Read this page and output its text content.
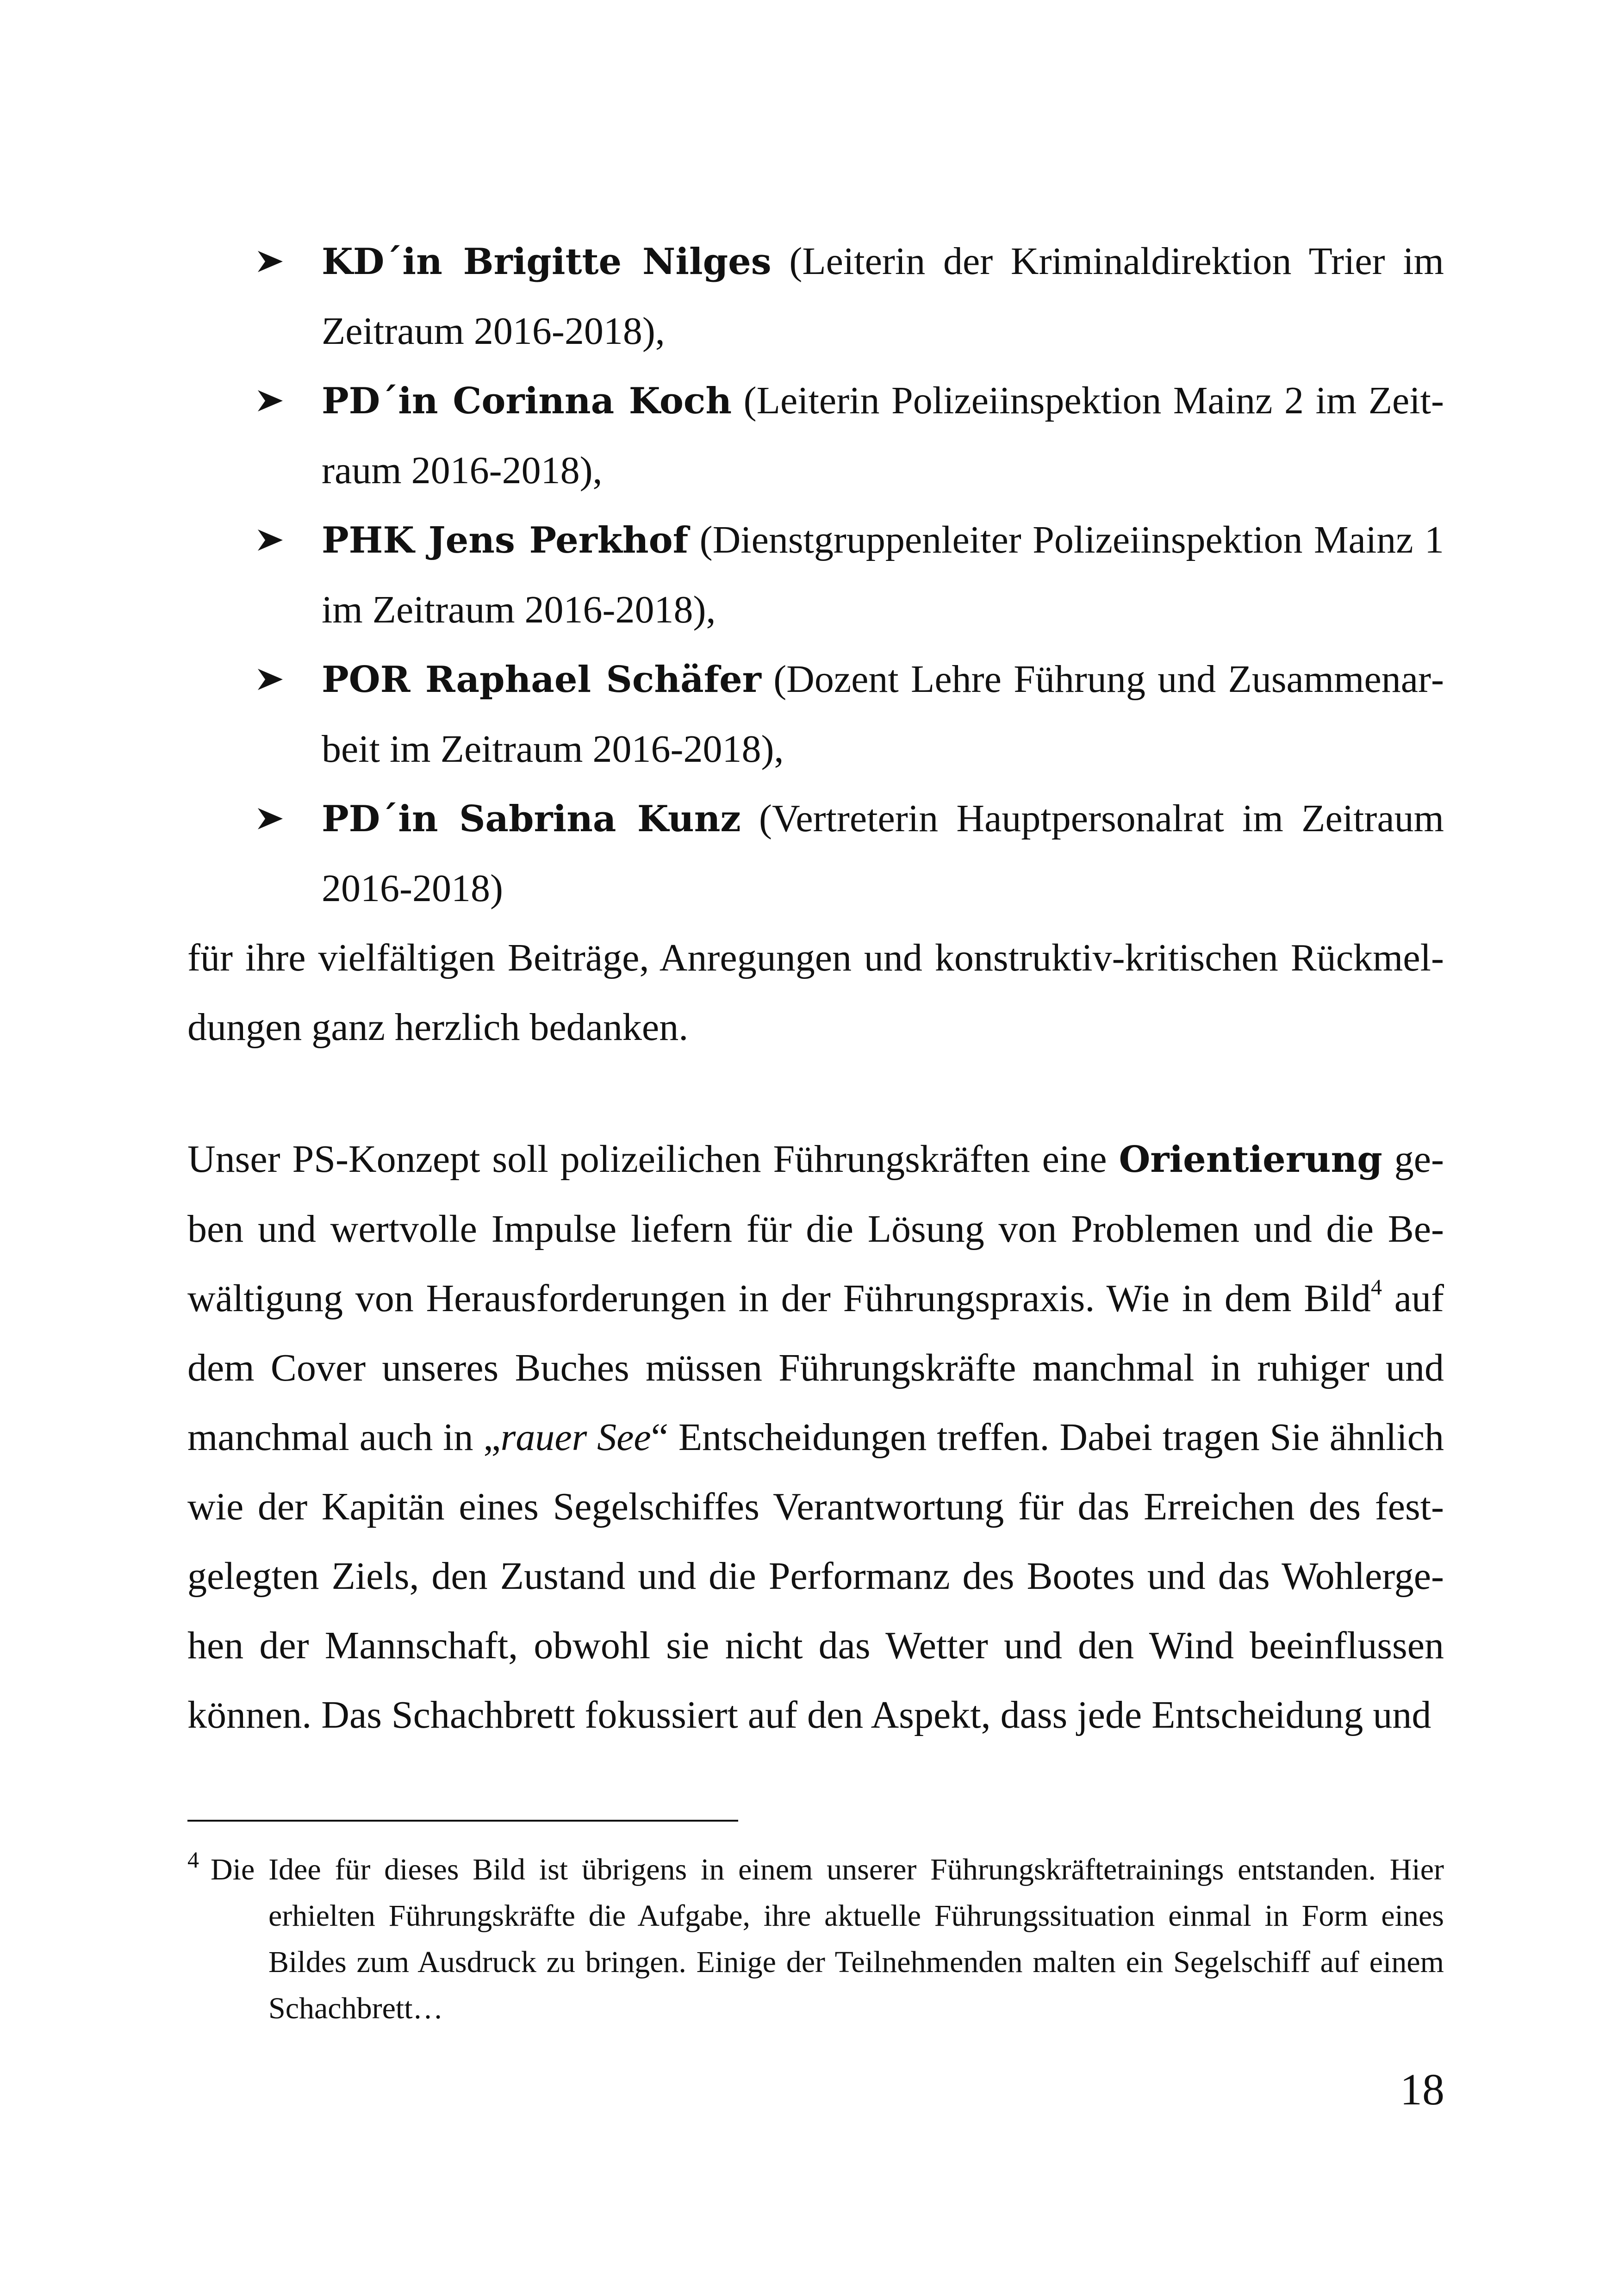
KD´in Brigitte Nilges (Leiterin der Kriminaldirektion Trier im Zeitraum 2016-2018),
PD´in Corinna Koch (Leiterin Polizeiinspektion Mainz 2 im Zeitraum 2016-2018),
PHK Jens Perkhof (Dienstgruppenleiter Polizeiinspektion Mainz 1 im Zeitraum 2016-2018),
POR Raphael Schäfer (Dozent Lehre Führung und Zusammenarbeit im Zeitraum 2016-2018),
PD´in Sabrina Kunz (Vertreterin Hauptpersonalrat im Zeitraum 2016-2018)

für ihre vielfältigen Beiträge, Anregungen und konstruktiv-kritischen Rückmeldungen ganz herzlich bedanken.

Unser PS-Konzept soll polizeilichen Führungskräften eine Orientierung geben und wertvolle Impulse liefern für die Lösung von Problemen und die Bewältigung von Herausforderungen in der Führungspraxis. Wie in dem Bild$^4$ auf dem Cover unseres Buches müssen Führungskräfte manchmal in ruhiger und manchmal auch in „rauer See“ Entscheidungen treffen. Dabei tragen Sie ähnlich wie der Kapitän eines Segelschiffes Verantwortung für das Erreichen des festgelegten Ziels, den Zustand und die Performanz des Bootes und das Wohlergehen der Mannschaft, obwohl sie nicht das Wetter und den Wind beeinflussen können. Das Schachbrett fokussiert auf den Aspekt, dass jede Entscheidung und

4 Die Idee für dieses Bild ist übrigens in einem unserer Führungskräftetrainings entstanden. Hier erhielten Führungskräfte die Aufgabe, ihre aktuelle Führungssituation einmal in Form eines Bildes zum Ausdruck zu bringen. Einige der Teilnehmenden malten ein Segelschiff auf einem Schachbrett…
18
